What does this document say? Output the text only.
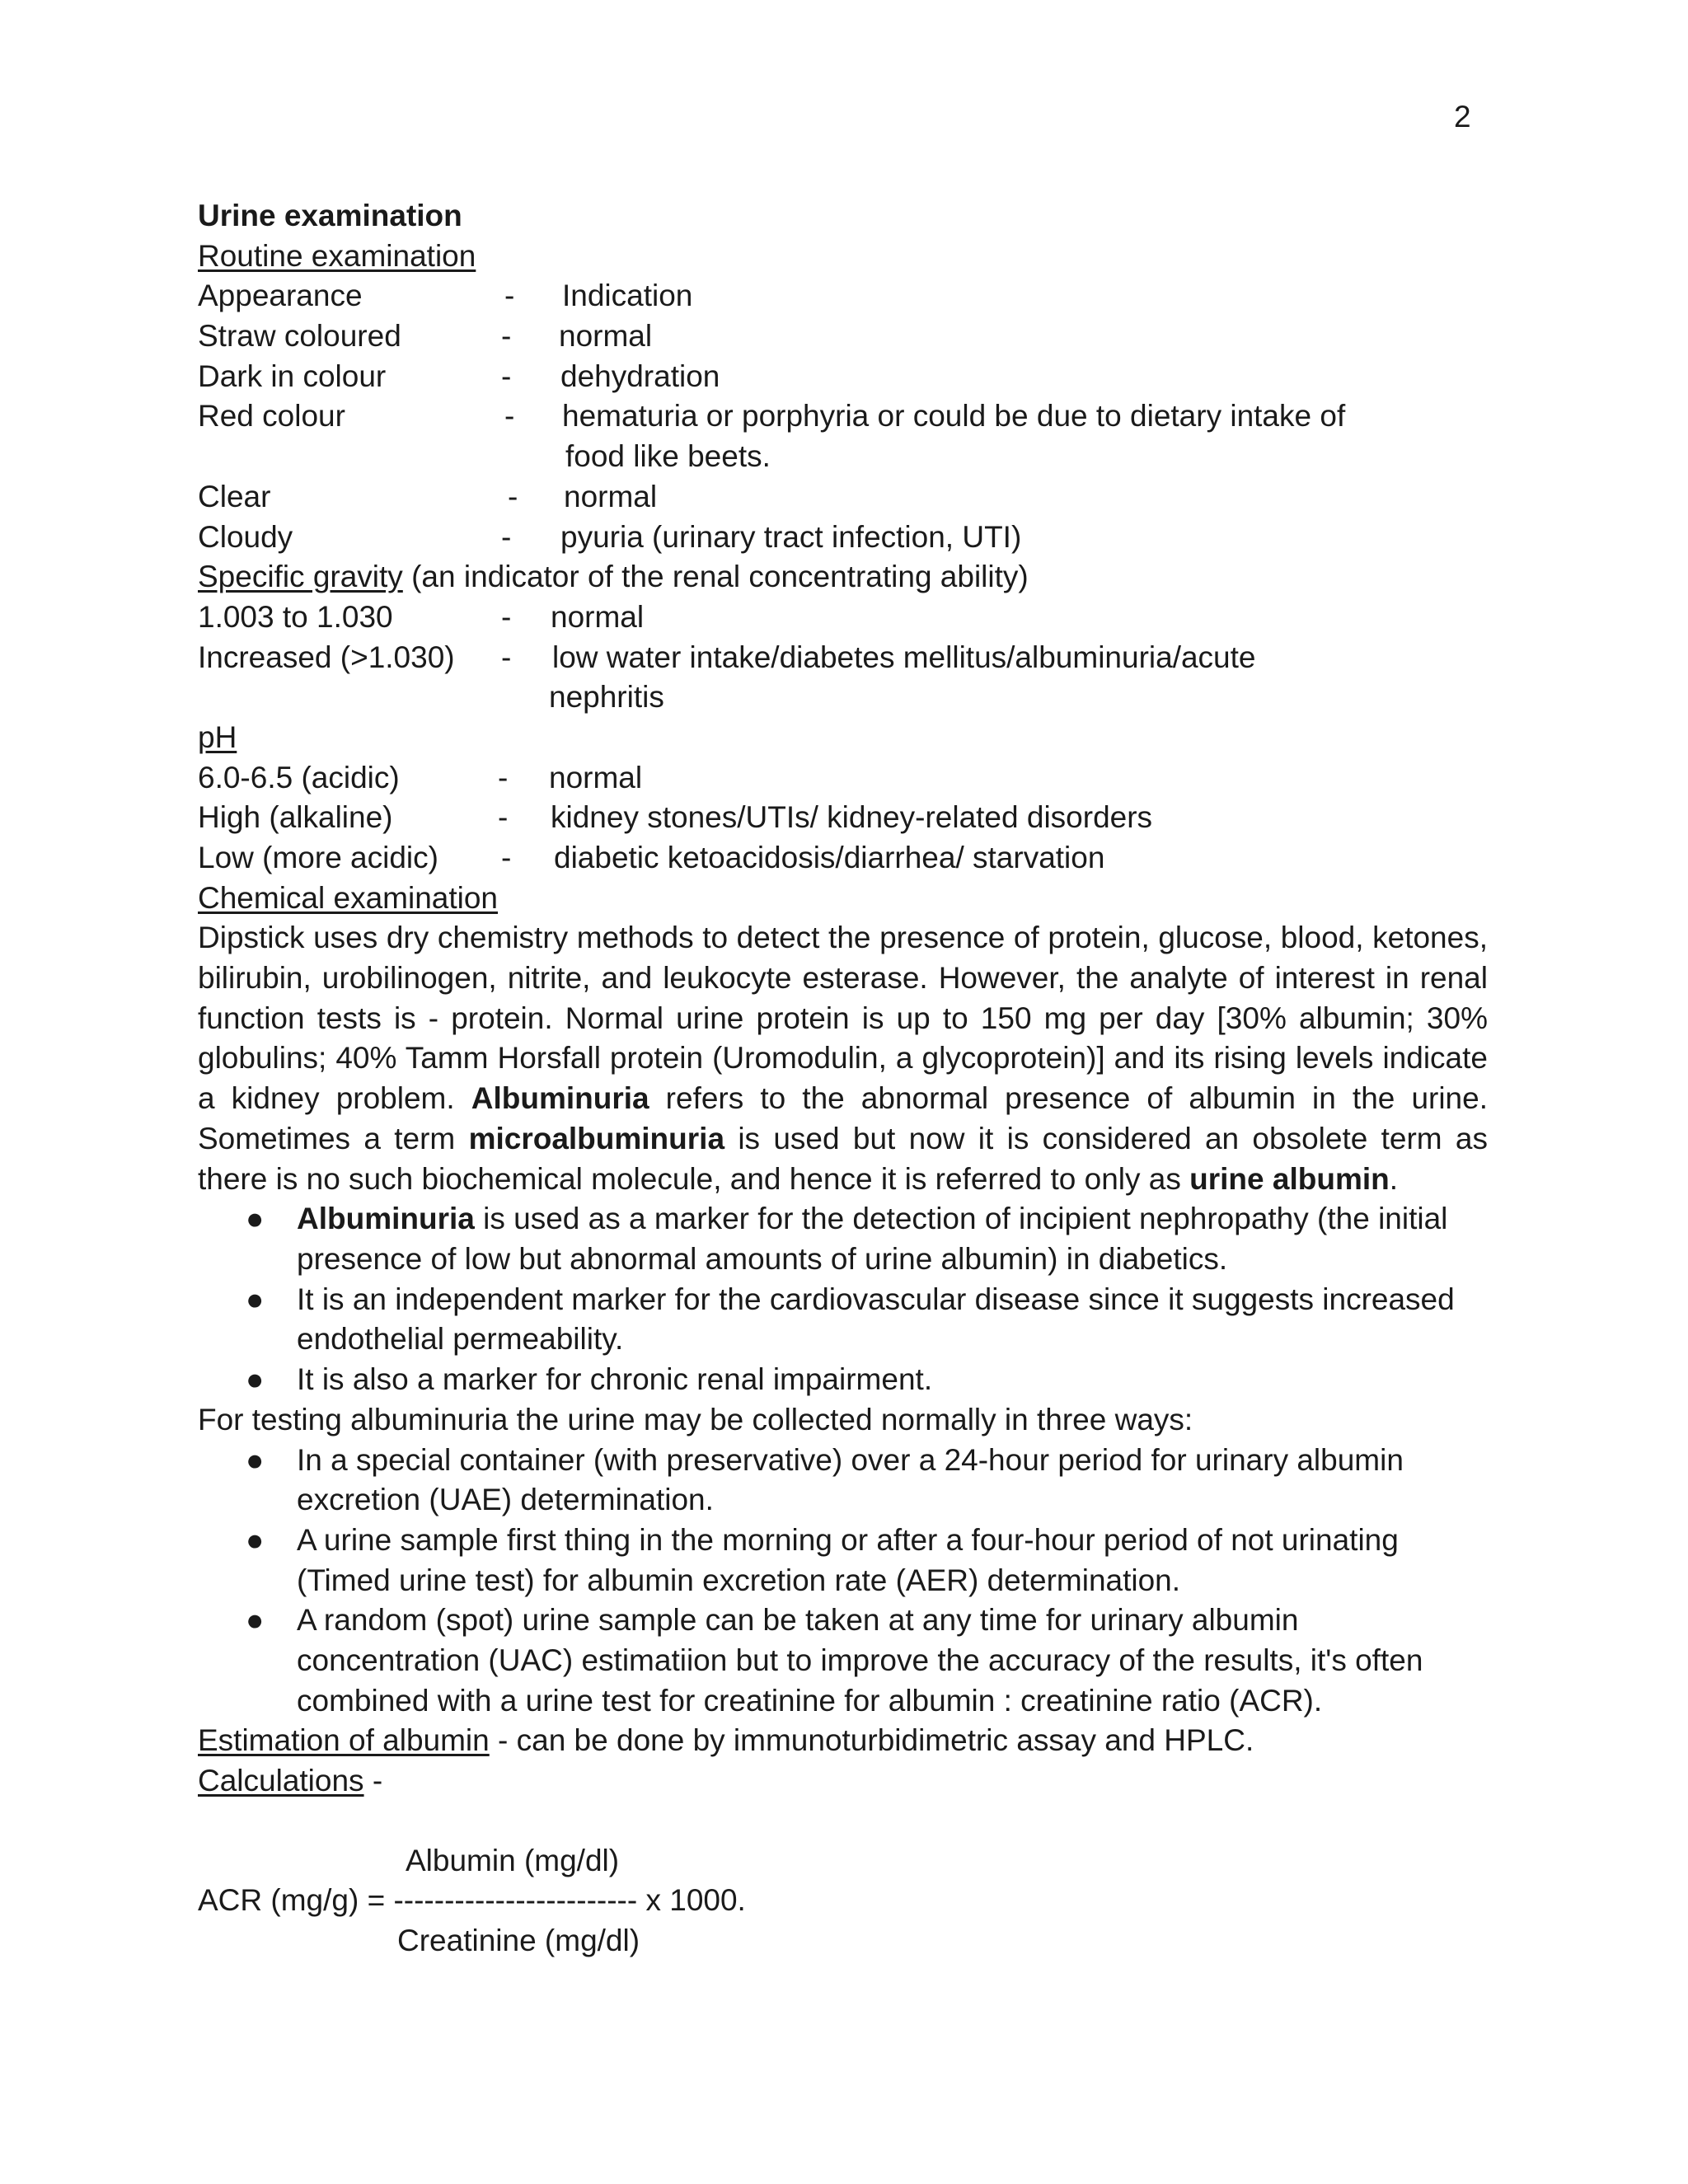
2
Urine examination
Routine examination
Appearance	- Indication
Straw coloured	- normal
Dark in colour	- dehydration
Red colour	- hematuria or porphyria or could be due to dietary intake of
food like beets.
Clear	- normal
Cloudy	- pyuria (urinary tract infection, UTI)
Specific gravity (an indicator of the renal concentrating ability)
1.003 to 1.030	- normal
Increased (>1.030) - low water intake/diabetes mellitus/albuminuria/acute
nephritis
pH
6.0-6.5 (acidic)	- normal
High (alkaline)	- kidney stones/UTIs/ kidney-related disorders
Low (more acidic) - diabetic ketoacidosis/diarrhea/ starvation
Chemical examination
Dipstick uses dry chemistry methods to detect the presence of protein, glucose, blood, ketones, bilirubin, urobilinogen, nitrite, and leukocyte esterase. However, the analyte of interest in renal function tests is - protein. Normal urine protein is up to 150 mg per day [30% albumin; 30% globulins; 40% Tamm Horsfall protein (Uromodulin, a glycoprotein)] and its rising levels indicate a kidney problem. Albuminuria refers to the abnormal presence of albumin in the urine. Sometimes a term microalbuminuria is used but now it is considered an obsolete term as there is no such biochemical molecule, and hence it is referred to only as urine albumin.
● Albuminuria is used as a marker for the detection of incipient nephropathy (the initial presence of low but abnormal amounts of urine albumin) in diabetics.
● It is an independent marker for the cardiovascular disease since it suggests increased endothelial permeability.
● It is also a marker for chronic renal impairment.
For testing albuminuria the urine may be collected normally in three ways:
● In a special container (with preservative) over a 24-hour period for urinary albumin excretion (UAE) determination.
● A urine sample first thing in the morning or after a four-hour period of not urinating (Timed urine test) for albumin excretion rate (AER) determination.
● A random (spot) urine sample can be taken at any time for urinary albumin concentration (UAC) estimatiion but to improve the accuracy of the results, it's often combined with a urine test for creatinine for albumin : creatinine ratio (ACR).
Estimation of albumin - can be done by immunoturbidimetric assay and HPLC.
Calculations -
Albumin (mg/dl)
ACR (mg/g) = ------------------------ x 1000.
Creatinine (mg/dl)
